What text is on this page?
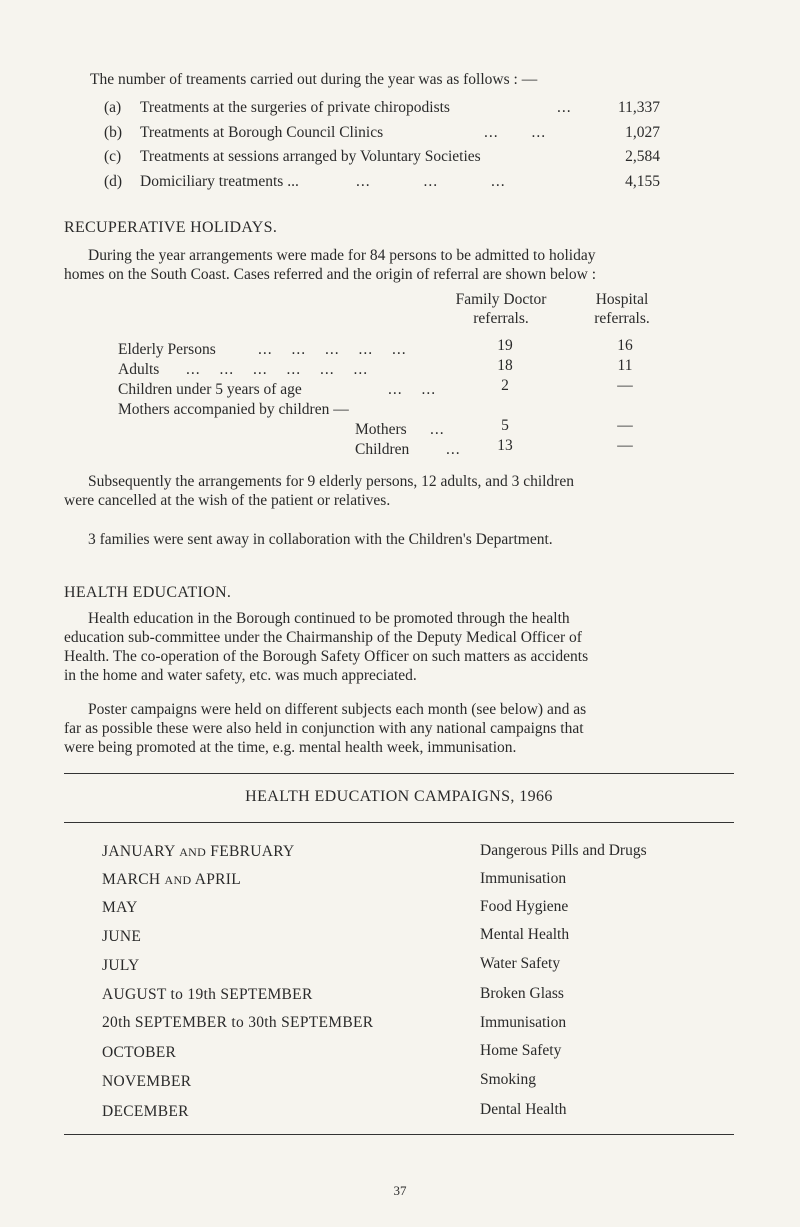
The number of treaments carried out during the year was as follows : —
(a) Treatments at the surgeries of private chiropodists	...	11,337
(b) Treatments at Borough Council Clinics	... ...	1,027
(c) Treatments at sessions arranged by Voluntary Societies	2,584
(d) Domiciliary treatments ...	... ... ...	4,155
RECUPERATIVE HOLIDAYS.
During the year arrangements were made for 84 persons to be admitted to holiday
homes on the South Coast. Cases referred and the origin of referral are shown below :
Family Doctor
referrals.
Hospital
referrals.
Elderly Persons	... ... ... ... ...	19	16
Adults ... ... ... ... ... ...	18	11
Children under 5 years of age	... ...	2	—
Mothers accompanied by children —
Mothers ...	5	—
Children ...	13	—
Subsequently the arrangements for 9 elderly persons, 12 adults, and 3 children
were cancelled at the wish of the patient or relatives.
3 families were sent away in collaboration with the Children's Department.
HEALTH EDUCATION.
Health education in the Borough continued to be promoted through the health
education sub-committee under the Chairmanship of the Deputy Medical Officer of
Health. The co-operation of the Borough Safety Officer on such matters as accidents
in the home and water safety, etc. was much appreciated.
Poster campaigns were held on different subjects each month (see below) and as
far as possible these were also held in conjunction with any national campaigns that
were being promoted at the time, e.g. mental health week, immunisation.
HEALTH EDUCATION CAMPAIGNS, 1966
JANUARY AND FEBRUARY	Dangerous Pills and Drugs
MARCH AND APRIL	Immunisation
MAY	Food Hygiene
JUNE	Mental Health
JULY	Water Safety
AUGUST to 19th SEPTEMBER	Broken Glass
20th SEPTEMBER to 30th SEPTEMBER	Immunisation
OCTOBER	Home Safety
NOVEMBER	Smoking
DECEMBER	Dental Health
37
